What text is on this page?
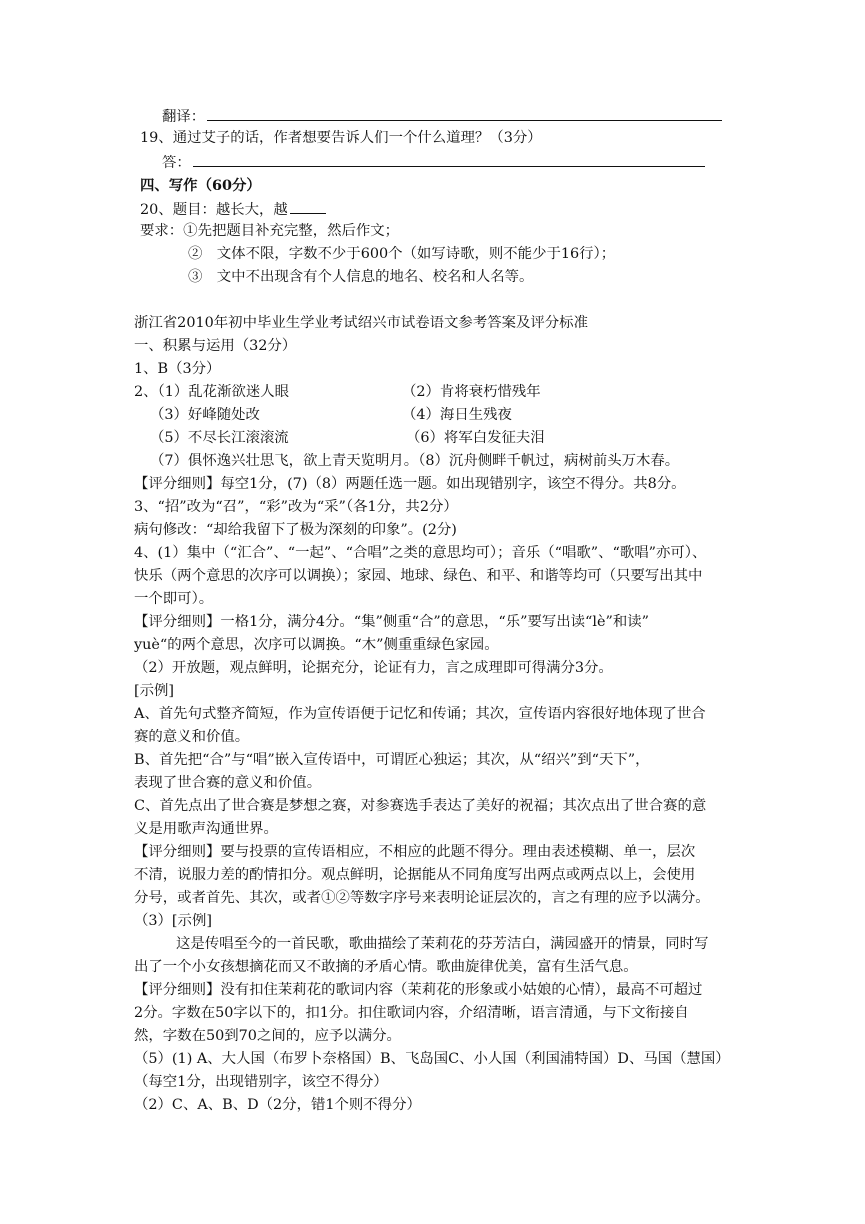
翻译：
19、通过艾子的话，作者想要告诉人们一个什么道理？（3分）
答：
四、写作（60分）
20、题目：越长大，越
要求：①先把题目补充完整，然后作文；
②　文体不限，字数不少于600个（如写诗歌，则不能少于16行）；
③　文中不出现含有个人信息的地名、校名和人名等。
浙江省2010年初中毕业生学业考试绍兴市试卷语文参考答案及评分标准
一、积累与运用（32分）
1、B（3分）
2、（1）乱花渐欲迷人眼	（2）肯将衰朽惜残年
（3）好峰随处改	（4）海日生残夜
（5）不尽长江滚滚流	（6）将军白发征夫泪
（7）俱怀逸兴壮思飞，欲上青天览明月。（8）沉舟侧畔千帆过，病树前头万木春。
【评分细则】每空1分，(7)（8）两题任选一题。如出现错别字，该空不得分。共8分。
3、“招”改为“召”，“彩”改为“采”（各1分，共2分）
病句修改：“却给我留下了极为深刻的印象”。(2分)
4、(1）集中（“汇合”、“一起”、“合唱”之类的意思均可）；音乐（“唱歌”、“歌唱”亦可）、
快乐（两个意思的次序可以调换）；家园、地球、绿色、和平、和谐等均可（只要写出其中
一个即可）。
【评分细则】一格1分，满分4分。“集”侧重“合”的意思，“乐”要写出读“lè”和读”
yuè“的两个意思，次序可以调换。“木”侧重重绿色家园。
（2）开放题，观点鲜明，论据充分，论证有力，言之成理即可得满分3分。
[示例]
A、首先句式整齐简短，作为宣传语便于记忆和传诵；其次，宣传语内容很好地体现了世合
赛的意义和价值。
B、首先把“合”与“唱”嵌入宣传语中，可谓匠心独运；其次，从“绍兴”到“天下”，
表现了世合赛的意义和价值。
C、首先点出了世合赛是梦想之赛，对参赛选手表达了美好的祝福；其次点出了世合赛的意
义是用歌声沟通世界。
【评分细则】要与投票的宣传语相应，不相应的此题不得分。理由表述模糊、单一，层次
不清，说服力差的酌情扣分。观点鲜明，论据能从不同角度写出两点或两点以上，会使用
分号，或者首先、其次，或者①②等数字序号来表明论证层次的，言之有理的应予以满分。
（3）[示例]
这是传唱至今的一首民歌，歌曲描绘了茉莉花的芬芳洁白，满园盛开的情景，同时写
出了一个小女孩想摘花而又不敢摘的矛盾心情。歌曲旋律优美，富有生活气息。
【评分细则】没有扣住茉莉花的歌词内容（茉莉花的形象或小姑娘的心情），最高不可超过
2分。字数在50字以下的，扣1分。扣住歌词内容，介绍清晰，语言清通，与下文衔接自
然，字数在50到70之间的，应予以满分。
（5）(1) A、大人国（布罗卜奈格国）B、飞岛国C、小人国（利国浦特国）D、马国（慧国）
（每空1分，出现错别字，该空不得分）
（2）C、A、B、D（2分，错1个则不得分）
